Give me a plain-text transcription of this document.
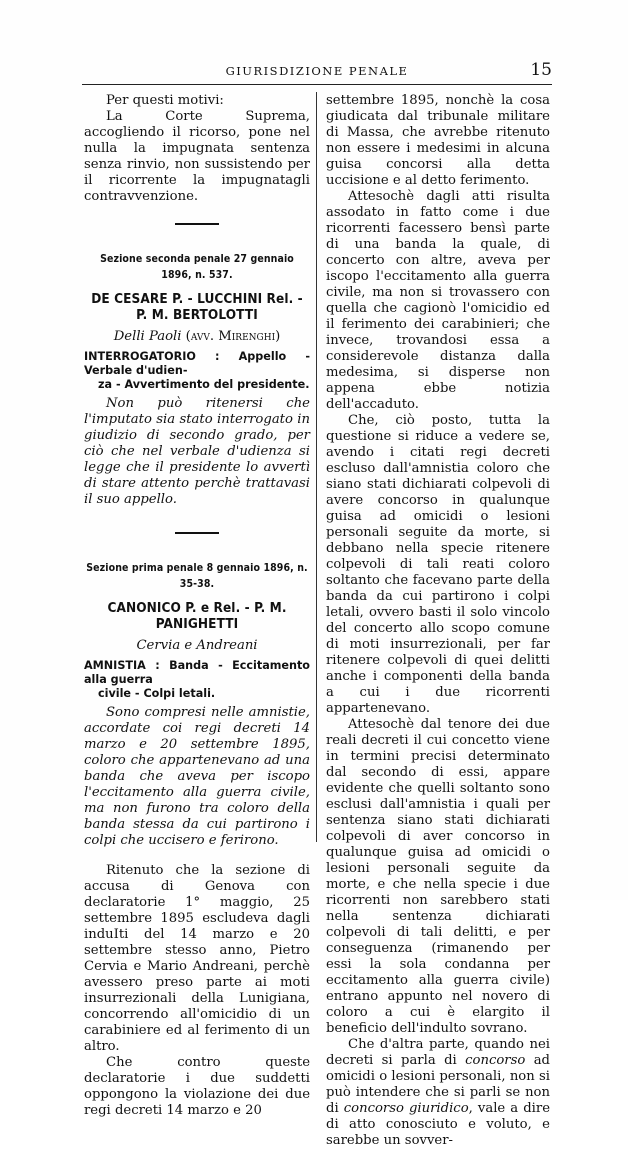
GIURISDIZIONE PENALE	15

Per questi motivi:

La Corte Suprema, accogliendo il ricorso, pone nel nulla la impugnata sentenza senza rinvio, non sussistendo per il ricorrente la impugnatagli contravvenzione.

Sezione seconda penale 27 gennaio 1896, n. 537.
DE CESARE P. - LUCCHINI Rel. - P. M. BERTOLOTTI
Delli Paoli (avv. Mirenghi)
INTERROGATORIO : Appello - Verbale d'udien-
za - Avvertimento del presidente.

Non può ritenersi che l'imputato sia stato interrogato in giudizio di secondo grado, per ciò che nel verbale d'udienza si legge che il presidente lo avvertì di stare attento perchè trattavasi il suo appello.

Sezione prima penale 8 gennaio 1896, n. 35-38.
CANONICO P. e Rel. - P. M. PANIGHETTI
Cervia e Andreani
AMNISTIA : Banda - Eccitamento alla guerra
civile - Colpi letali.

Sono compresi nelle amnistie, accordate coi regi decreti 14 marzo e 20 settembre 1895, coloro che appartenevano ad una banda che aveva per iscopo l'eccitamento alla guerra civile, ma non furono tra coloro della banda stessa da cui partirono i colpi che uccisero e ferirono.

Ritenuto che la sezione di accusa di Genova con declaratorie 1° maggio, 25 settembre 1895 escludeva dagli induIti del 14 marzo e 20 settembre stesso anno, Pietro Cervia e Mario Andreani, perchè avessero preso parte ai moti insurrezionali della Lunigiana, concorrendo all'omicidio di un carabiniere ed al ferimento di un altro.

Che contro queste declaratorie i due suddetti oppongono la violazione dei due regi decreti 14 marzo e 20

settembre 1895, nonchè la cosa giudicata dal tribunale militare di Massa, che avrebbe ritenuto non essere i medesimi in alcuna guisa concorsi alla detta uccisione e al detto ferimento.

Attesochè dagli atti risulta assodato in fatto come i due ricorrenti facessero bensì parte di una banda la quale, di concerto con altre, aveva per iscopo l'eccitamento alla guerra civile, ma non si trovassero con quella che cagionò l'omicidio ed il ferimento dei carabinieri; che invece, trovandosi essa a considerevole distanza dalla medesima, si disperse non appena ebbe notizia dell'accaduto.

Che, ciò posto, tutta la questione si riduce a vedere se, avendo i citati regi decreti escluso dall'amnistia coloro che siano stati dichiarati colpevoli di avere concorso in qualunque guisa ad omicidi o lesioni personali seguite da morte, si debbano nella specie ritenere colpevoli di tali reati coloro soltanto che facevano parte della banda da cui partirono i colpi letali, ovvero basti il solo vincolo del concerto allo scopo comune di moti insurrezionali, per far ritenere colpevoli di quei delitti anche i componenti della banda a cui i due ricorrenti appartenevano.

Attesochè dal tenore dei due reali decreti il cui concetto viene in termini precisi determinato dal secondo di essi, appare evidente che quelli soltanto sono esclusi dall'amnistia i quali per sentenza siano stati dichiarati colpevoli di aver concorso in qualunque guisa ad omicidi o lesioni personali seguite da morte, e che nella specie i due ricorrenti non sarebbero stati nella sentenza dichiarati colpevoli di tali delitti, e per conseguenza (rimanendo per essi la sola condanna per eccitamento alla guerra civile) entrano appunto nel novero di coloro a cui è elargito il beneficio dell'indulto sovrano.

Che d'altra parte, quando nei decreti si parla di concorso ad omicidi o lesioni personali, non si può intendere che si parli se non di concorso giuridico, vale a dire di atto conosciuto e voluto, e sarebbe un sovver-
